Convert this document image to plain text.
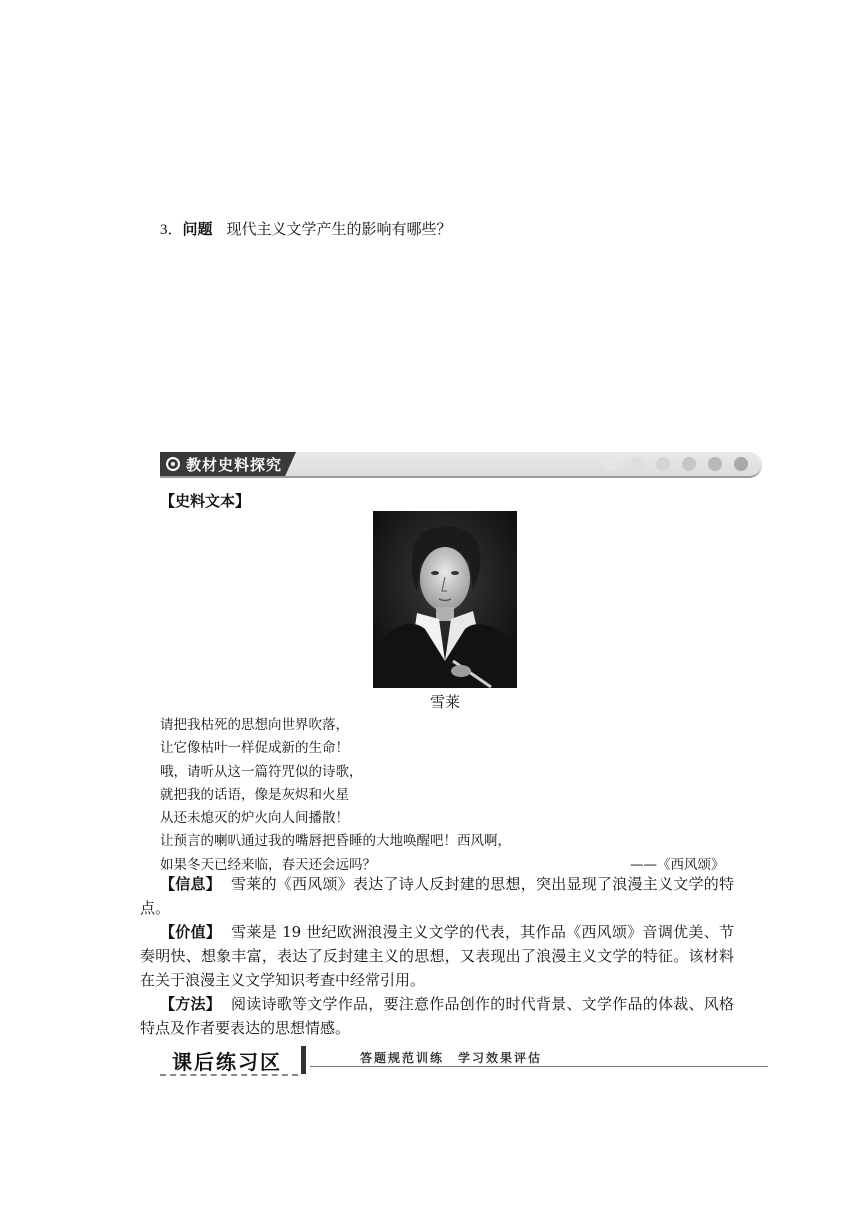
3．问题 现代主义文学产生的影响有哪些？
教材史料探究
【史料文本】
雪莱
请把我枯死的思想向世界吹落，
让它像枯叶一样促成新的生命！
哦，请听从这一篇符咒似的诗歌，
就把我的话语，像是灰烬和火星
从还未熄灭的炉火向人间播散！
让预言的喇叭通过我的嘴唇把昏睡的大地唤醒吧！西风啊，
如果冬天已经来临，春天还会远吗？	——《西风颂》
【信息】 雪莱的《西风颂》表达了诗人反封建的思想，突出显现了浪漫主义文学的特点。
【价值】 雪莱是 19 世纪欧洲浪漫主义文学的代表，其作品《西风颂》音调优美、节奏明快、想象丰富，表达了反封建主义的思想，又表现出了浪漫主义文学的特征。该材料在关于浪漫主义文学知识考查中经常引用。
【方法】 阅读诗歌等文学作品，要注意作品创作的时代背景、文学作品的体裁、风格特点及作者要表达的思想情感。
课后练习区	答题规范训练　学习效果评估
